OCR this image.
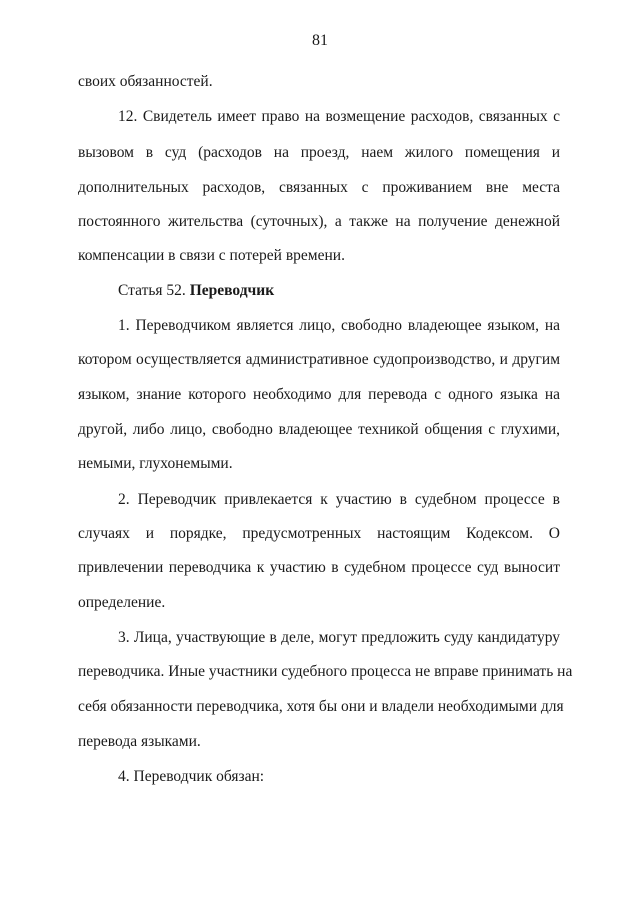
81
своих обязанностей.
12. Свидетель имеет право на возмещение расходов, связанных с
вызовом в суд (расходов на проезд, наем жилого помещения и
дополнительных расходов, связанных с проживанием вне места
постоянного жительства (суточных), а также на получение денежной
компенсации в связи с потерей времени.
Статья 52. Переводчик
1. Переводчиком является лицо, свободно владеющее языком, на
котором осуществляется административное судопроизводство, и другим
языком, знание которого необходимо для перевода с одного языка на
другой, либо лицо, свободно владеющее техникой общения с глухими,
немыми, глухонемыми.
2. Переводчик привлекается к участию в судебном процессе в
случаях и порядке, предусмотренных настоящим Кодексом. О
привлечении переводчика к участию в судебном процессе суд выносит
определение.
3. Лица, участвующие в деле, могут предложить суду кандидатуру
переводчика. Иные участники судебного процесса не вправе принимать на
себя обязанности переводчика, хотя бы они и владели необходимыми для
перевода языками.
4. Переводчик обязан:
